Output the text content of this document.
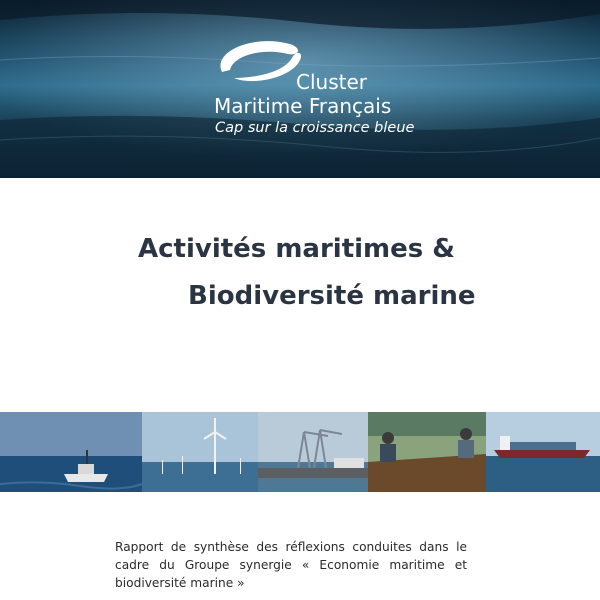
Cluster
Maritime Français
Cap sur la croissance bleue
Activités maritimes &
Biodiversité marine
Rapport de synthèse des réflexions conduites dans le cadre du Groupe synergie « Economie maritime et biodiversité marine »
